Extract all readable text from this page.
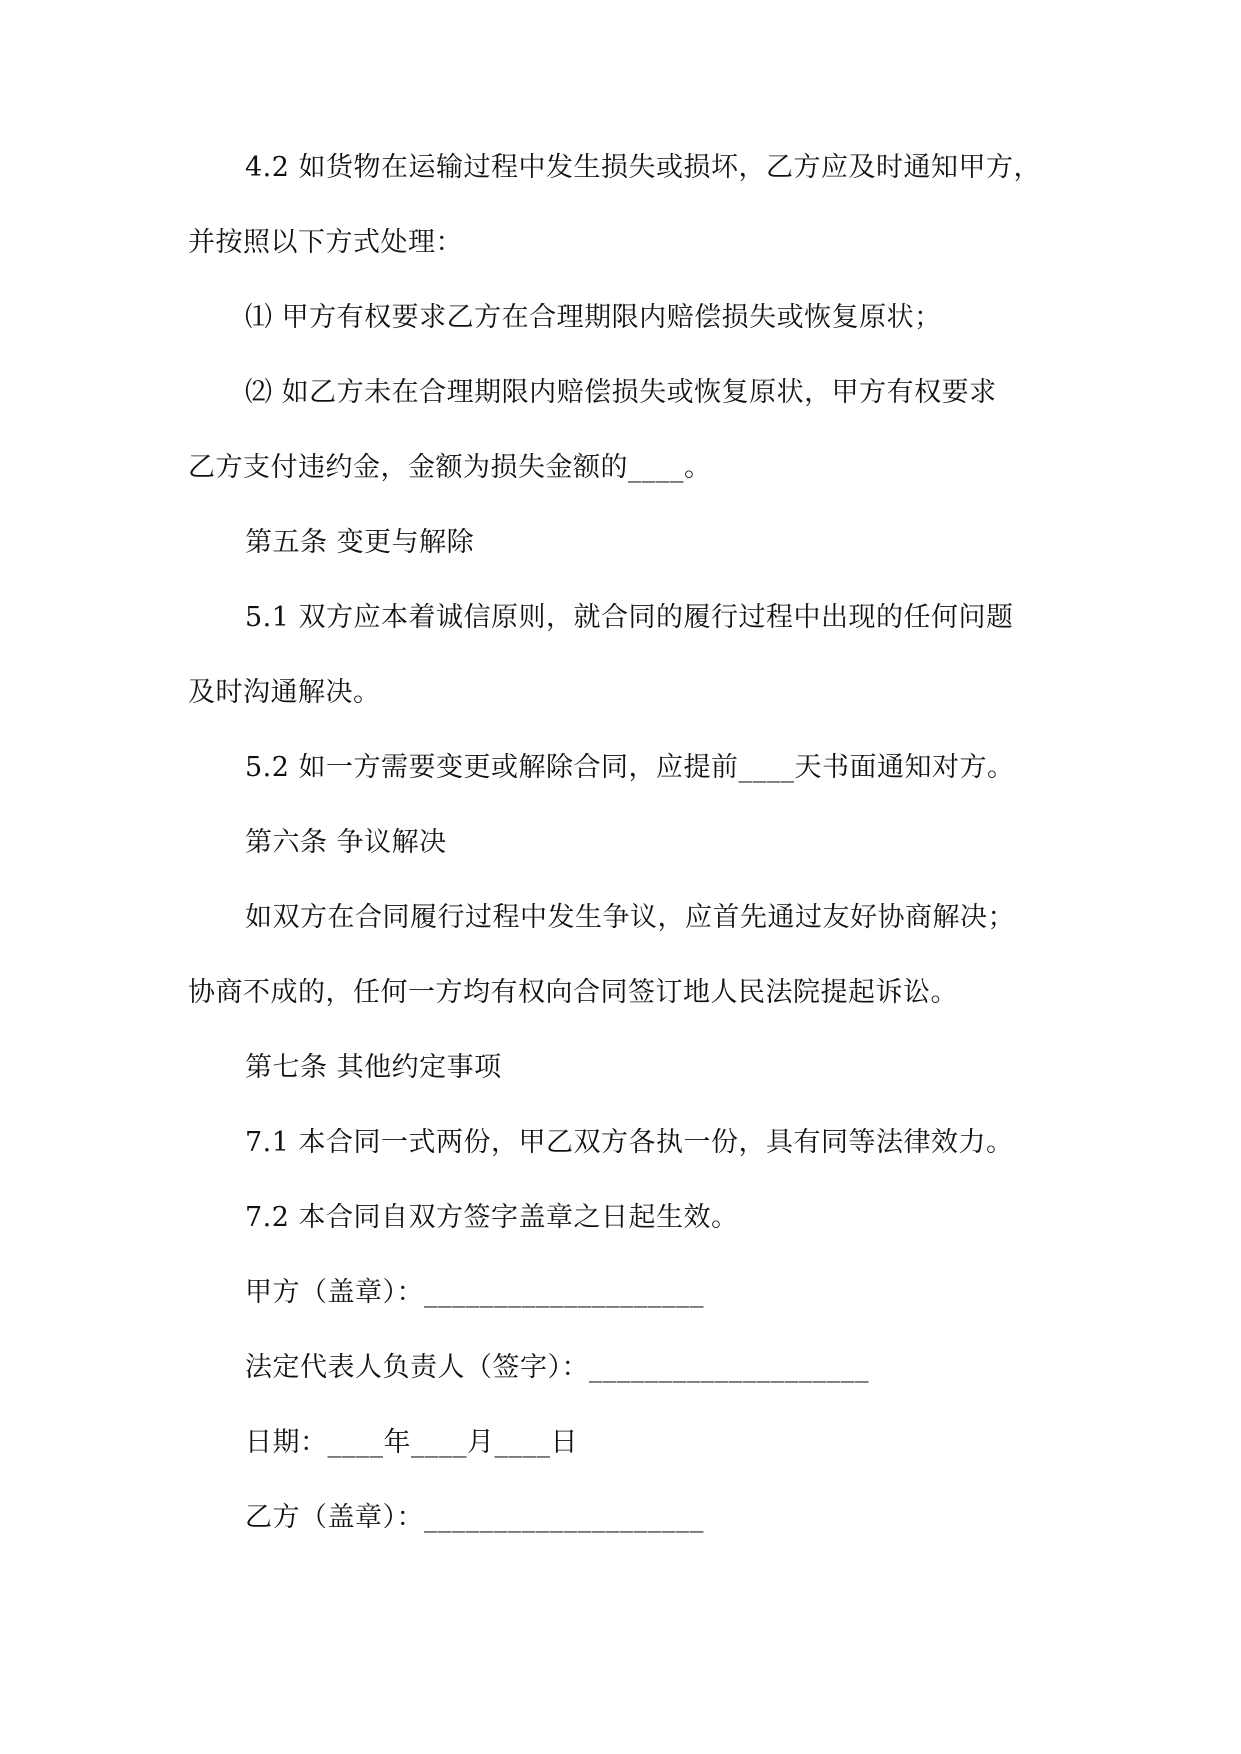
4.2 如货物在运输过程中发生损失或损坏，乙方应及时通知甲方，
并按照以下方式处理：
⑴ 甲方有权要求乙方在合理期限内赔偿损失或恢复原状；
⑵ 如乙方未在合理期限内赔偿损失或恢复原状，甲方有权要求
乙方支付违约金，金额为损失金额的____。
第五条 变更与解除
5.1 双方应本着诚信原则，就合同的履行过程中出现的任何问题
及时沟通解决。
5.2 如一方需要变更或解除合同，应提前____天书面通知对方。
第六条 争议解决
如双方在合同履行过程中发生争议，应首先通过友好协商解决；
协商不成的，任何一方均有权向合同签订地人民法院提起诉讼。
第七条 其他约定事项
7.1 本合同一式两份，甲乙双方各执一份，具有同等法律效力。
7.2 本合同自双方签字盖章之日起生效。
甲方（盖章）：____________________
法定代表人负责人（签字）：____________________
日期：____年____月____日
乙方（盖章）：____________________
